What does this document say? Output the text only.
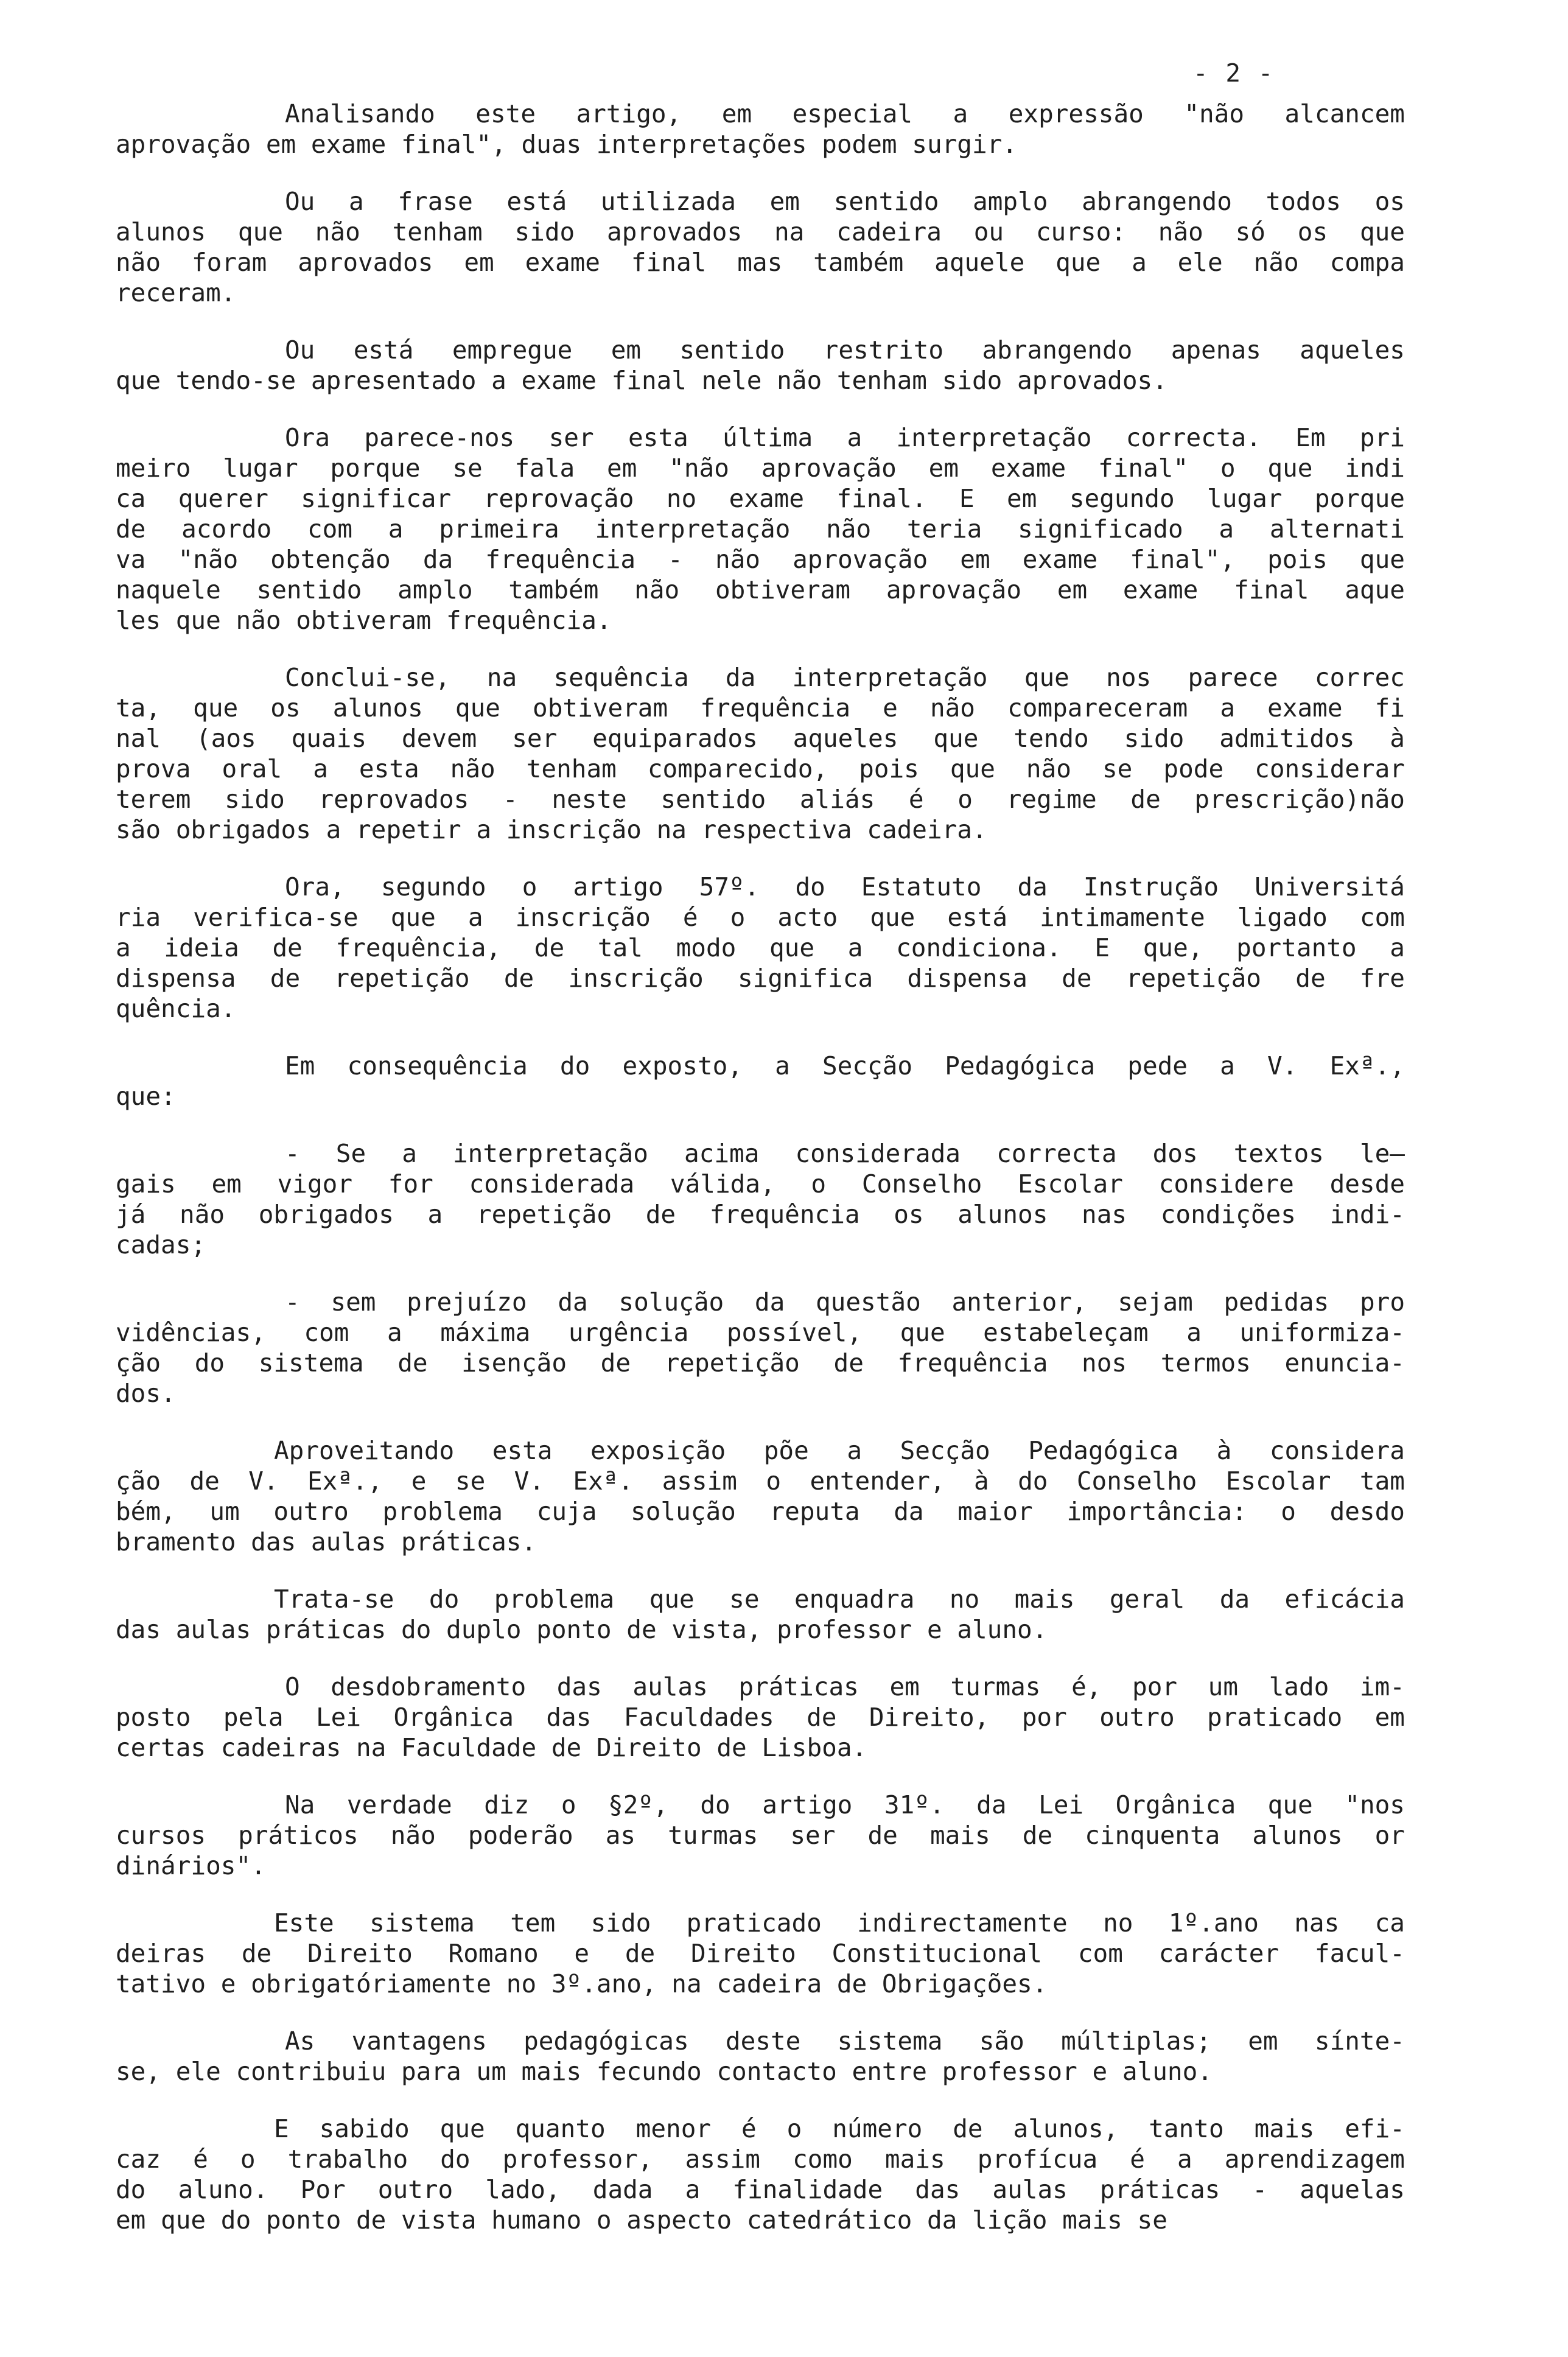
- 2 -
Analisando este artigo, em especial a expressão "não alcancem
aprovação em exame final", duas interpretações podem surgir.
Ou a frase está utilizada em sentido amplo abrangendo todos os
alunos que não tenham sido aprovados na cadeira ou curso: não só os que
não foram aprovados em exame final mas também aquele que a ele não compa
receram.
Ou está empregue em sentido restrito abrangendo apenas aqueles
que tendo-se apresentado a exame final nele não tenham sido aprovados.
Ora parece-nos ser esta última a interpretação correcta. Em pri
meiro lugar porque se fala em "não aprovação em exame final" o que indi
ca querer significar reprovação no exame final. E em segundo lugar porque
de acordo com a primeira interpretação não teria significado a alternati
va "não obtenção da frequência - não aprovação em exame final", pois que
naquele sentido amplo também não obtiveram aprovação em exame final aque
les que não obtiveram frequência.
Conclui-se, na sequência da interpretação que nos parece correc
ta, que os alunos que obtiveram frequência e não compareceram a exame fi
nal (aos quais devem ser equiparados aqueles que tendo sido admitidos à
prova oral a esta não tenham comparecido, pois que não se pode considerar
terem sido reprovados - neste sentido aliás é o regime de prescrição)não
são obrigados a repetir a inscrição na respectiva cadeira.
Ora, segundo o artigo 57º. do Estatuto da Instrução Universitá
ria verifica-se que a inscrição é o acto que está intimamente ligado com
a ideia de frequência, de tal modo que a condiciona. E que, portanto a
dispensa de repetição de inscrição significa dispensa de repetição de fre
quência.
Em consequência do exposto, a Secção Pedagógica pede a V. Exª.,
que:
- Se a interpretação acima considerada correcta dos textos le—
gais em vigor for considerada válida, o Conselho Escolar considere desde
já não obrigados a repetição de frequência os alunos nas condições indi-
cadas;
- sem prejuízo da solução da questão anterior, sejam pedidas pro
vidências, com a máxima urgência possível, que estabeleçam a uniformiza-
ção do sistema de isenção de repetição de frequência nos termos enuncia-
dos.
Aproveitando esta exposição põe a Secção Pedagógica à considera
ção de V. Exª., e se V. Exª. assim o entender, à do Conselho Escolar tam
bém, um outro problema cuja solução reputa da maior importância: o desdo
bramento das aulas práticas.
Trata-se do problema que se enquadra no mais geral da eficácia
das aulas práticas do duplo ponto de vista, professor e aluno.
O desdobramento das aulas práticas em turmas é, por um lado im-
posto pela Lei Orgânica das Faculdades de Direito, por outro praticado em
certas cadeiras na Faculdade de Direito de Lisboa.
Na verdade diz o §2º, do artigo 31º. da Lei Orgânica que "nos
cursos práticos não poderão as turmas ser de mais de cinquenta alunos or
dinários".
Este sistema tem sido praticado indirectamente no 1º.ano nas ca
deiras de Direito Romano e de Direito Constitucional com carácter facul-
tativo e obrigatóriamente no 3º.ano, na cadeira de Obrigações.
As vantagens pedagógicas deste sistema são múltiplas; em sínte-
se, ele contribuiu para um mais fecundo contacto entre professor e aluno.
E sabido que quanto menor é o número de alunos, tanto mais efi-
caz é o trabalho do professor, assim como mais profícua é a aprendizagem
do aluno. Por outro lado, dada a finalidade das aulas práticas - aquelas
em que do ponto de vista humano o aspecto catedrático da lição mais se
